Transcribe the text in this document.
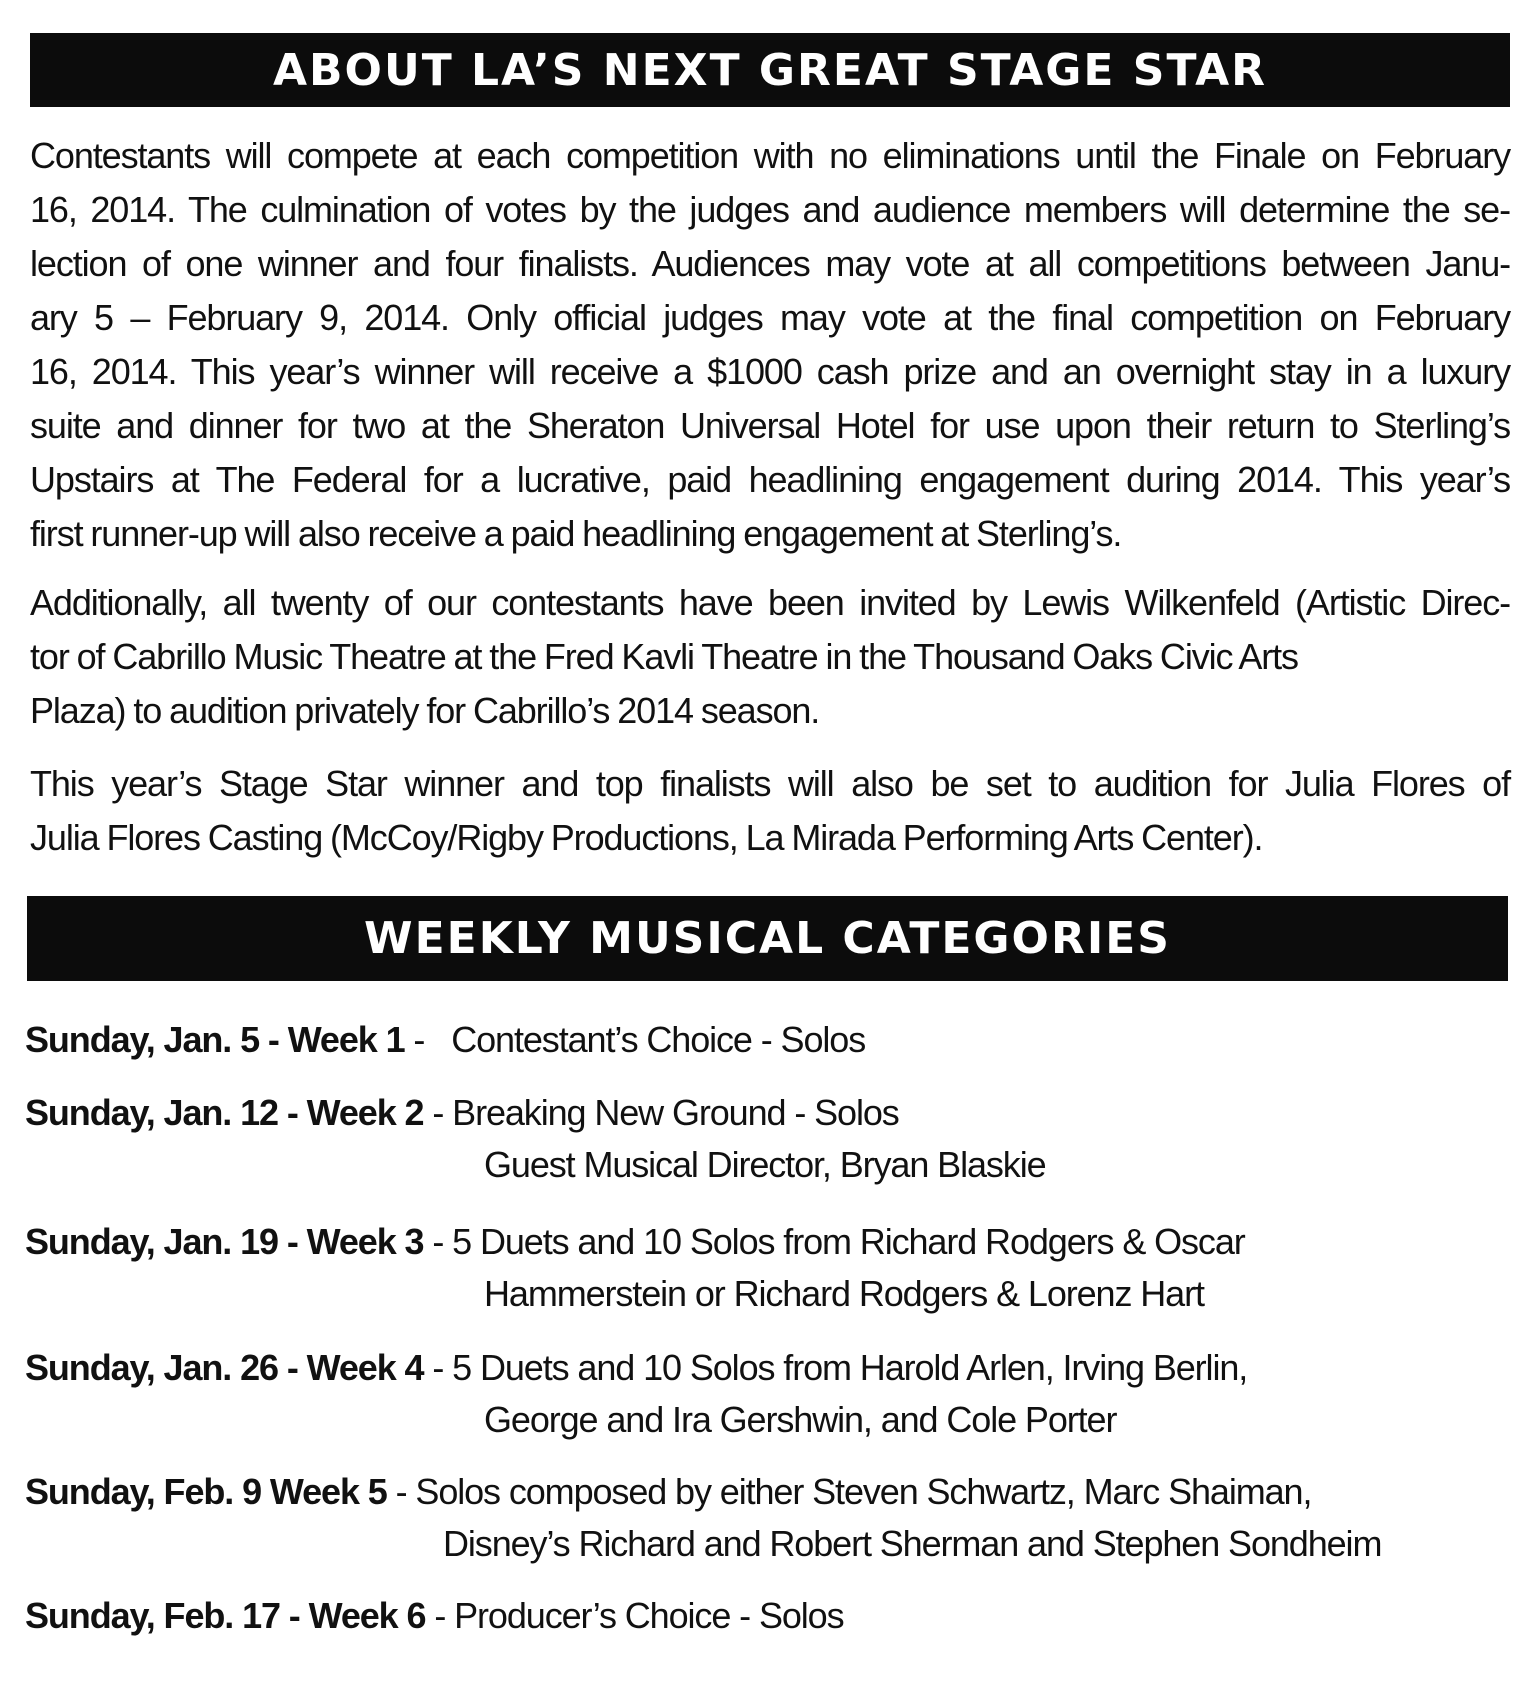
ABOUT LA’S NEXT GREAT STAGE STAR
Contestants will compete at each competition with no eliminations until the Finale on February
16, 2014. The culmination of votes by the judges and audience members will determine the se-
lection of one winner and four finalists. Audiences may vote at all competitions between Janu-
ary 5 – February 9, 2014. Only official judges may vote at the final competition on February
16, 2014. This year’s winner will receive a $1000 cash prize and an overnight stay in a luxury
suite and dinner for two at the Sheraton Universal Hotel for use upon their return to Sterling’s
Upstairs at The Federal for a lucrative, paid headlining engagement during 2014. This year’s
first runner-up will also receive a paid headlining engagement at Sterling’s.
Additionally, all twenty of our contestants have been invited by Lewis Wilkenfeld (Artistic Direc-
tor of Cabrillo Music Theatre at the Fred Kavli Theatre in the Thousand Oaks Civic Arts
Plaza) to audition privately for Cabrillo’s 2014 season.
This year’s Stage Star winner and top finalists will also be set to audition for Julia Flores of
Julia Flores Casting (McCoy/Rigby Productions, La Mirada Performing Arts Center).
WEEKLY MUSICAL CATEGORIES
Sunday, Jan. 5 - Week 1 - Contestant’s Choice - Solos
Sunday, Jan. 12 - Week 2 - Breaking New Ground - Solos
Guest Musical Director, Bryan Blaskie
Sunday, Jan. 19 - Week 3 - 5 Duets and 10 Solos from Richard Rodgers & Oscar
Hammerstein or Richard Rodgers & Lorenz Hart
Sunday, Jan. 26 - Week 4 - 5 Duets and 10 Solos from Harold Arlen, Irving Berlin,
George and Ira Gershwin, and Cole Porter
Sunday, Feb. 9 Week 5 - Solos composed by either Steven Schwartz, Marc Shaiman,
Disney’s Richard and Robert Sherman and Stephen Sondheim
Sunday, Feb. 17 - Week 6 - Producer’s Choice - Solos
